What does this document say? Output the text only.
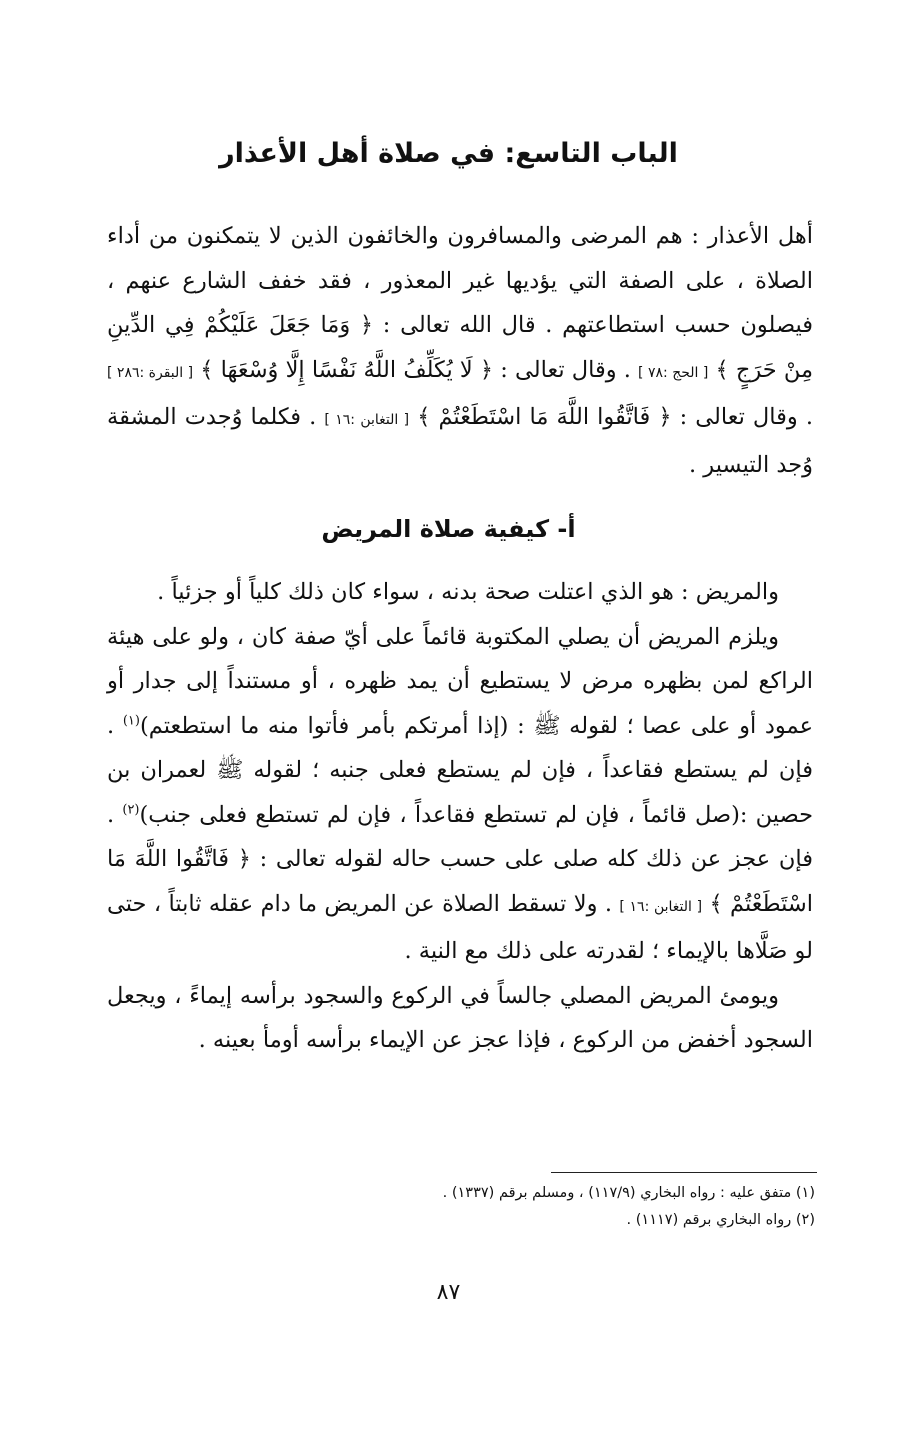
الباب التاسع: في صلاة أهل الأعذار

أهل الأعذار : هم المرضى والمسافرون والخائفون الذين لا يتمكنون من أداء الصلاة ، على الصفة التي يؤديها غير المعذور ، فقد خفف الشارع عنهم ، فيصلون حسب استطاعتهم . قال الله تعالى : ﴿ وَمَا جَعَلَ عَلَيْكُمْ فِي الدِّينِ مِنْ حَرَجٍ ﴾ [ الحج :٧٨ ] . وقال تعالى : ﴿ لَا يُكَلِّفُ اللَّهُ نَفْسًا إِلَّا وُسْعَهَا ﴾ [ البقرة :٢٨٦ ] . وقال تعالى : ﴿ فَاتَّقُوا اللَّهَ مَا اسْتَطَعْتُمْ ﴾ [ التغابن :١٦ ] . فكلما وُجدت المشقة وُجد التيسير .

أ- كيفية صلاة المريض

والمريض : هو الذي اعتلت صحة بدنه ، سواء كان ذلك كلياً أو جزئياً .

ويلزم المريض أن يصلي المكتوبة قائماً على أيّ صفة كان ، ولو على هيئة الراكع لمن بظهره مرض لا يستطيع أن يمد ظهره ، أو مستنداً إلى جدار أو عمود أو على عصا ؛ لقوله ﷺ : (إذا أمرتكم بأمر فأتوا منه ما استطعتم)$^{(١)}$ . فإن لم يستطع فقاعداً ، فإن لم يستطع فعلى جنبه ؛ لقوله ﷺ لعمران بن حصين :(صل قائماً ، فإن لم تستطع فقاعداً ، فإن لم تستطع فعلى جنب)$^{(٢)}$ . فإن عجز عن ذلك كله صلى على حسب حاله لقوله تعالى : ﴿ فَاتَّقُوا اللَّهَ مَا اسْتَطَعْتُمْ ﴾ [ التغابن :١٦ ] . ولا تسقط الصلاة عن المريض ما دام عقله ثابتاً ، حتى لو صَلَّاها بالإيماء ؛ لقدرته على ذلك مع النية .

ويومئ المريض المصلي جالساً في الركوع والسجود برأسه إيماءً ، ويجعل السجود أخفض من الركوع ، فإذا عجز عن الإيماء برأسه أومأ بعينه .

(١) متفق عليه : رواه البخاري (١١٧/٩) ، ومسلم برقم (١٣٣٧) .
(٢) رواه البخاري برقم (١١١٧) .
٨٧
